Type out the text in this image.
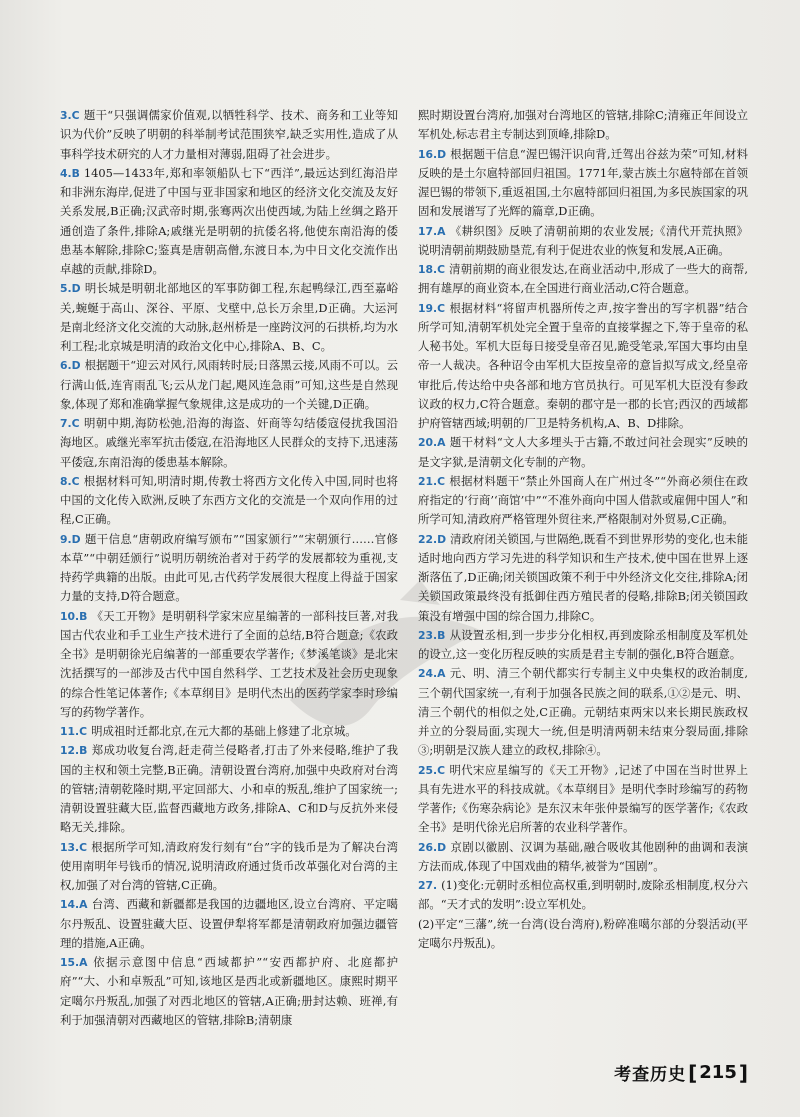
3.C 题干“只强调儒家价值观,以牺牲科学、技术、商务和工业等知识为代价”反映了明朝的科举制考试范围狭窄,缺乏实用性,造成了从事科学技术研究的人才力量相对薄弱,阻碍了社会进步。

4.B 1405—1433年,郑和率领船队七下“西洋”,最远达到红海沿岸和非洲东海岸,促进了中国与亚非国家和地区的经济文化交流及友好关系发展,B正确;汉武帝时期,张骞两次出使西域,为陆上丝绸之路开通创造了条件,排除A;戚继光是明朝的抗倭名将,他使东南沿海的倭患基本解除,排除C;鉴真是唐朝高僧,东渡日本,为中日文化交流作出卓越的贡献,排除D。

5.D 明长城是明朝北部地区的军事防御工程,东起鸭绿江,西至嘉峪关,蜿蜒于高山、深谷、平原、戈壁中,总长万余里,D正确。大运河是南北经济文化交流的大动脉,赵州桥是一座跨汶河的石拱桥,均为水利工程;北京城是明清的政治文化中心,排除A、B、C。

6.D 根据题干“迎云对风行,风雨转时辰;日落黑云接,风雨不可以。云行满山低,连宵雨乱飞;云从龙门起,飓风连急雨”可知,这些是自然现象,体现了郑和准确掌握气象规律,这是成功的一个关键,D正确。

7.C 明朝中期,海防松弛,沿海的海盗、奸商等勾结倭寇侵扰我国沿海地区。戚继光率军抗击倭寇,在沿海地区人民群众的支持下,迅速荡平倭寇,东南沿海的倭患基本解除。

8.C 根据材料可知,明清时期,传教士将西方文化传入中国,同时也将中国的文化传入欧洲,反映了东西方文化的交流是一个双向作用的过程,C正确。

9.D 题干信息“唐朝政府编写颁布”“国家颁行”“宋朝颁行……官修本草”“中朝廷颁行”说明历朝统治者对于药学的发展都较为重视,支持药学典籍的出版。由此可见,古代药学发展很大程度上得益于国家力量的支持,D符合题意。

10.B 《天工开物》是明朝科学家宋应星编著的一部科技巨著,对我国古代农业和手工业生产技术进行了全面的总结,B符合题意;《农政全书》是明朝徐光启编著的一部重要农学著作;《梦溪笔谈》是北宋沈括撰写的一部涉及古代中国自然科学、工艺技术及社会历史现象的综合性笔记体著作;《本草纲目》是明代杰出的医药学家李时珍编写的药物学著作。

11.C 明成祖时迁都北京,在元大都的基础上修建了北京城。

12.B 郑成功收复台湾,赶走荷兰侵略者,打击了外来侵略,维护了我国的主权和领土完整,B正确。清朝设置台湾府,加强中央政府对台湾的管辖;清朝乾隆时期,平定回部大、小和卓的叛乱,维护了国家统一;清朝设置驻藏大臣,监督西藏地方政务,排除A、C和D与反抗外来侵略无关,排除。

13.C 根据所学可知,清政府发行刻有“台”字的钱币是为了解决台湾使用南明年号钱币的情况,说明清政府通过货币改革强化对台湾的主权,加强了对台湾的管辖,C正确。

14.A 台湾、西藏和新疆都是我国的边疆地区,设立台湾府、平定噶尔丹叛乱、设置驻藏大臣、设置伊犁将军都是清朝政府加强边疆管理的措施,A正确。

15.A 依据示意图中信息“西域都护”“安西都护府、北庭都护府”“大、小和卓叛乱”可知,该地区是西北或新疆地区。康熙时期平定噶尔丹叛乱,加强了对西北地区的管辖,A正确;册封达赖、班禅,有利于加强清朝对西藏地区的管辖,排除B;清朝康

熙时期设置台湾府,加强对台湾地区的管辖,排除C;清雍正年间设立军机处,标志君主专制达到顶峰,排除D。

16.D 根据题干信息“渥巴锡汗识向背,迁驾出谷兹为荣”可知,材料反映的是土尔扈特部回归祖国。1771年,蒙古族土尔扈特部在首领渥巴锡的带领下,重返祖国,土尔扈特部回归祖国,为多民族国家的巩固和发展谱写了光辉的篇章,D正确。

17.A 《耕织图》反映了清朝前期的农业发展;《清代开荒执照》说明清朝前期鼓励垦荒,有利于促进农业的恢复和发展,A正确。

18.C 清朝前期的商业很发达,在商业活动中,形成了一些大的商帮,拥有雄厚的商业资本,在全国进行商业活动,C符合题意。

19.C 根据材料“将留声机器所传之声,按字誊出的写字机器”结合所学可知,清朝军机处完全置于皇帝的直接掌握之下,等于皇帝的私人秘书处。军机大臣每日接受皇帝召见,跪受笔录,军国大事均由皇帝一人裁决。各种诏令由军机大臣按皇帝的意旨拟写成文,经皇帝审批后,传达给中央各部和地方官员执行。可见军机大臣没有参政议政的权力,C符合题意。秦朝的郡守是一郡的长官;西汉的西域都护府管辖西域;明朝的厂卫是特务机构,A、B、D排除。

20.A 题干材料“文人大多埋头于古籍,不敢过问社会现实”反映的是文字狱,是清朝文化专制的产物。

21.C 根据材料题干“禁止外国商人在广州过冬”“外商必须住在政府指定的‘行商’‘商馆’中”“不准外商向中国人借款或雇佣中国人”和所学可知,清政府严格管理外贸往来,严格限制对外贸易,C正确。

22.D 清政府闭关锁国,与世隔绝,既看不到世界形势的变化,也未能适时地向西方学习先进的科学知识和生产技术,使中国在世界上逐渐落伍了,D正确;闭关锁国政策不利于中外经济文化交往,排除A;闭关锁国政策最终没有抵御住西方殖民者的侵略,排除B;闭关锁国政策没有增强中国的综合国力,排除C。

23.B 从设置丞相,到一步步分化相权,再到废除丞相制度及军机处的设立,这一变化历程反映的实质是君主专制的强化,B符合题意。

24.A 元、明、清三个朝代都实行专制主义中央集权的政治制度,三个朝代国家统一,有利于加强各民族之间的联系,①②是元、明、清三个朝代的相似之处,C正确。元朝结束两宋以来长期民族政权并立的分裂局面,实现大一统,但是明清两朝未结束分裂局面,排除③;明朝是汉族人建立的政权,排除④。

25.C 明代宋应星编写的《天工开物》,记述了中国在当时世界上具有先进水平的科技成就。《本草纲目》是明代李时珍编写的药物学著作;《伤寒杂病论》是东汉末年张仲景编写的医学著作;《农政全书》是明代徐光启所著的农业科学著作。

26.D 京剧以徽剧、汉调为基础,融合吸收其他剧种的曲调和表演方法而成,体现了中国戏曲的精华,被誉为“国剧”。

27. (1)变化:元朝时丞相位高权重,到明朝时,废除丞相制度,权分六部。“天才式的发明”:设立军机处。

(2)平定“三藩”,统一台湾(设台湾府),粉碎准噶尔部的分裂活动(平定噶尔丹叛乱)。

考查历史 [ 215 ]
